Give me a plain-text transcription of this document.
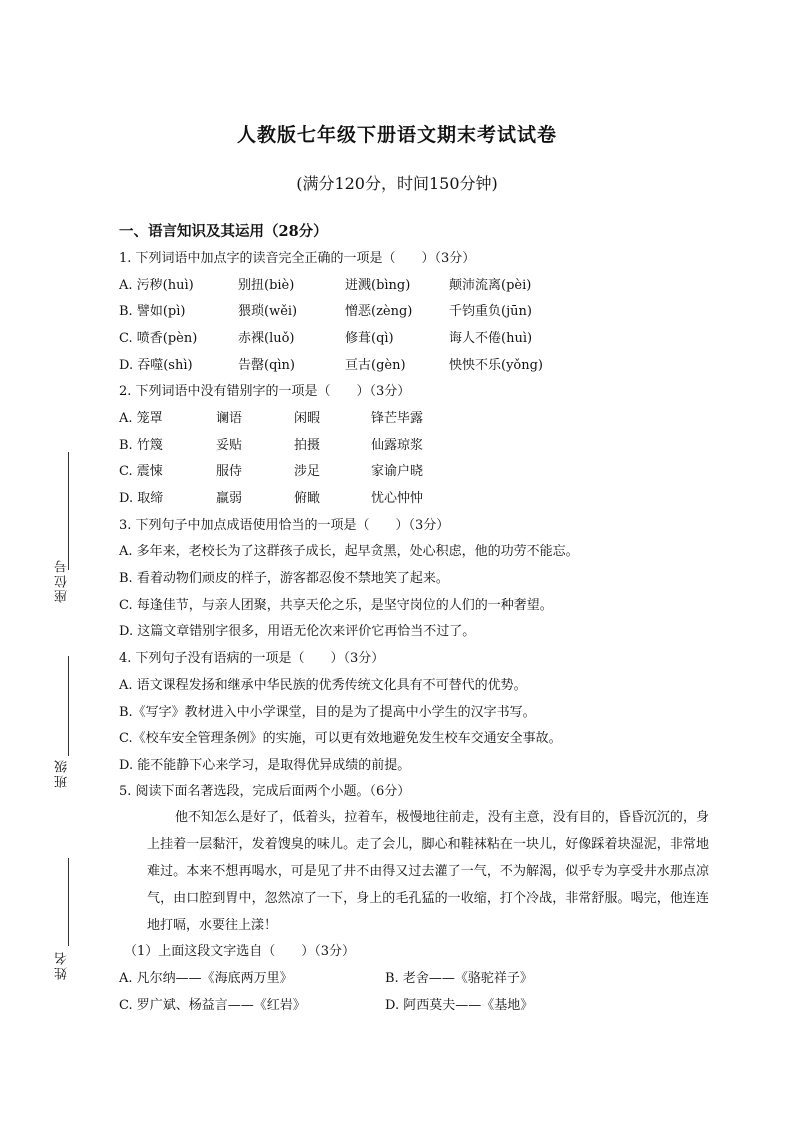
人教版七年级下册语文期末考试试卷
(满分120分，时间150分钟)
一、语言知识及其运用（28分）
座位号
班级
姓名
1. 下列词语中加点字的读音完全正确的一项是（　　）（3分）
A. 污秽(huì)	别扭(biè)	迸溅(bìng)	颠沛流离(pèi)
B. 譬如(pì)	猥琐(wěi)	憎恶(zèng)	千钧重负(jūn)
C. 喷香(pèn)	赤裸(luǒ)	修葺(qì)	诲人不倦(huì)
D. 吞噬(shì)	告罄(qìn)	亘古(gèn)	怏怏不乐(yǒng)
2. 下列词语中没有错别字的一项是（　　）（3分）
A. 笼罩	谰语	闲暇	锋芒毕露
B. 竹篾	妥贴	拍摄	仙露琼浆
C. 震悚	服侍	涉足	家谕户晓
D. 取缔	羸弱	俯瞰	忧心忡忡
3. 下列句子中加点成语使用恰当的一项是（　　）（3分）
A. 多年来，老校长为了这群孩子成长，起早贪黑，处心积虑，他的功劳不能忘。
B. 看着动物们顽皮的样子，游客都忍俊不禁地笑了起来。
C. 每逢佳节，与亲人团聚，共享天伦之乐，是坚守岗位的人们的一种奢望。
D. 这篇文章错别字很多，用语无伦次来评价它再恰当不过了。
4. 下列句子没有语病的一项是（　　）（3分）
A. 语文课程发扬和继承中华民族的优秀传统文化具有不可替代的优势。
B.《写字》教材进入中小学课堂，目的是为了提高中小学生的汉字书写。
C.《校车安全管理条例》的实施，可以更有效地避免发生校车交通安全事故。
D. 能不能静下心来学习，是取得优异成绩的前提。
5. 阅读下面名著选段，完成后面两个小题。（6分）
他不知怎么是好了，低着头，拉着车，极慢地往前走，没有主意，没有目的，昏昏沉沉的，身上挂着一层黏汗，发着馊臭的味儿。走了会儿，脚心和鞋袜粘在一块儿，好像踩着块湿泥，非常地难过。本来不想再喝水，可是见了井不由得又过去灌了一气，不为解渴，似乎专为享受井水那点凉气，由口腔到胃中，忽然凉了一下，身上的毛孔猛的一收缩，打个冷战，非常舒服。喝完，他连连地打嗝，水要往上漾！
（1）上面这段文字选自（　　）（3分）
A. 凡尔纳——《海底两万里》	B. 老舍——《骆驼祥子》
C. 罗广斌、杨益言——《红岩》	D. 阿西莫夫——《基地》
